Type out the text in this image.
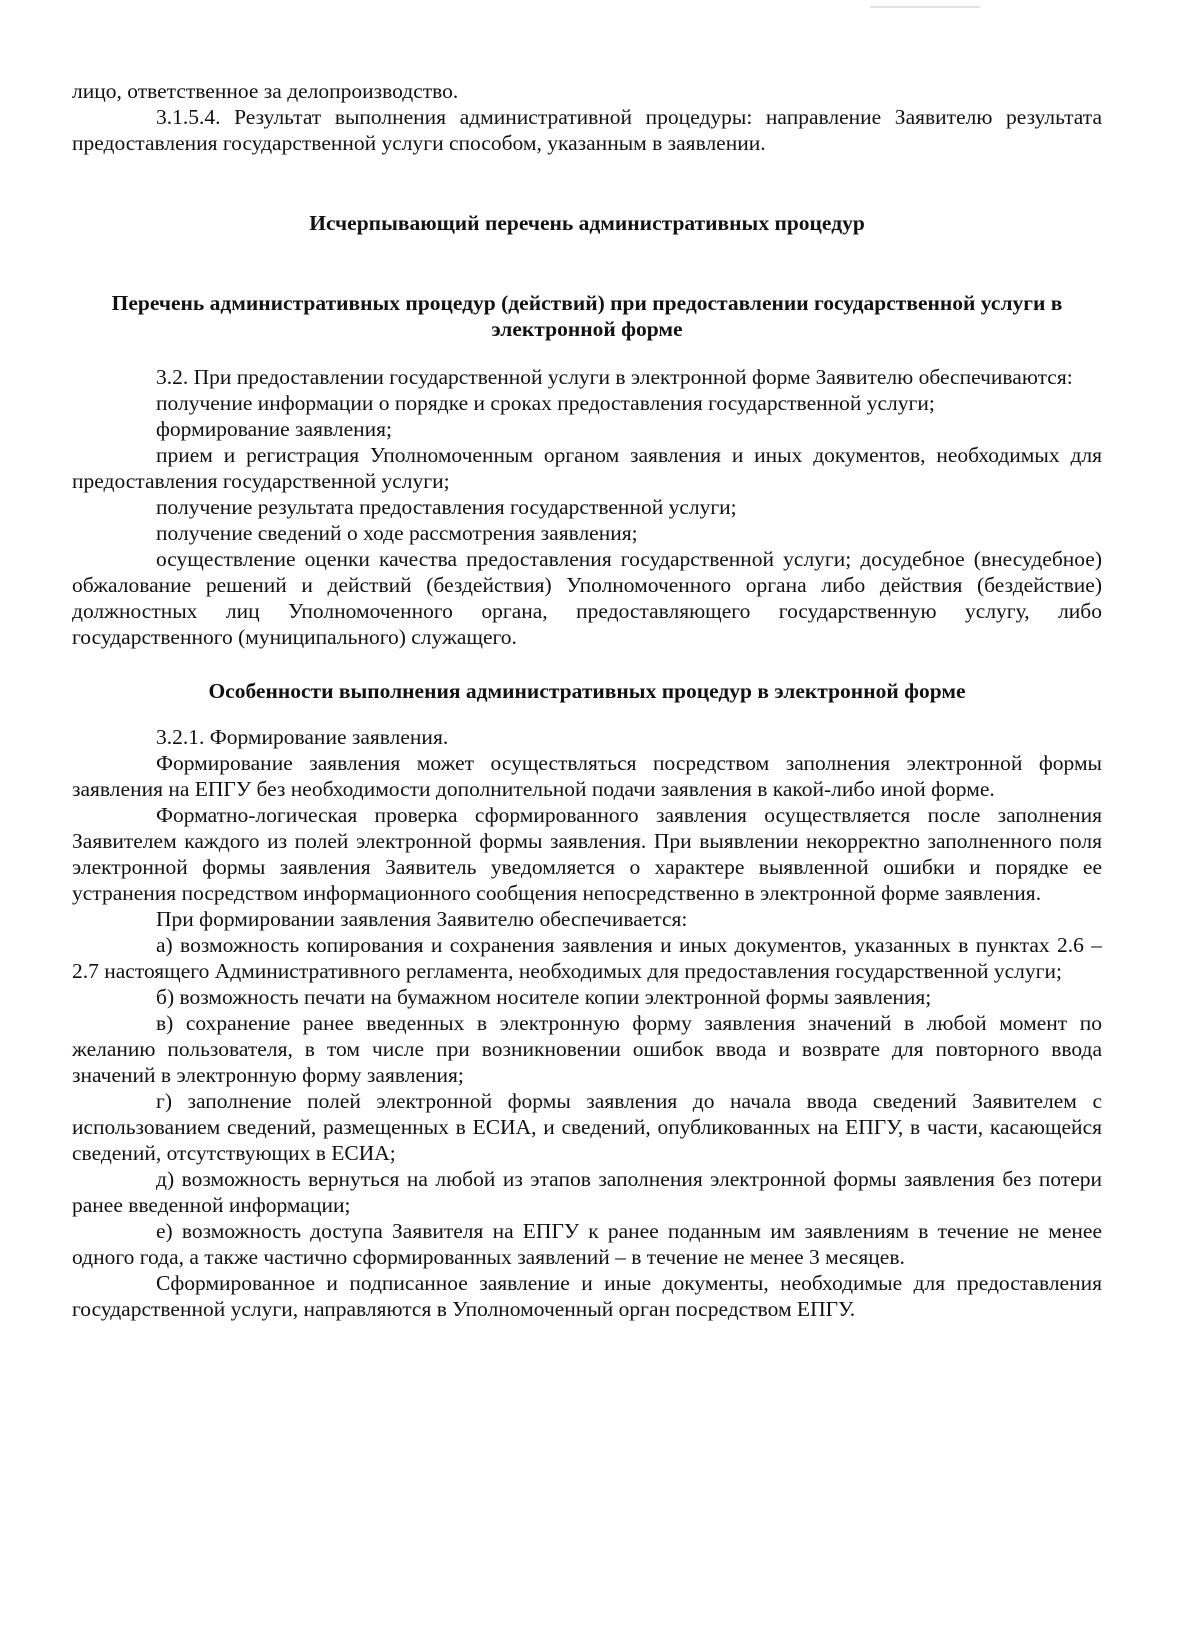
лицо, ответственное за делопроизводство.

3.1.5.4. Результат выполнения административной процедуры: направление Заявителю результата предоставления государственной услуги способом, указанным в заявлении.

Исчерпывающий перечень административных процедур

Перечень административных процедур (действий) при предоставлении государственной услуги в электронной форме

3.2. При предоставлении государственной услуги в электронной форме Заявителю обеспечиваются:

получение информации о порядке и сроках предоставления государственной услуги;

формирование заявления;

прием и регистрация Уполномоченным органом заявления и иных документов, необходимых для предоставления государственной услуги;

получение результата предоставления государственной услуги;

получение сведений о ходе рассмотрения заявления;

осуществление оценки качества предоставления государственной услуги; досудебное (внесудебное) обжалование решений и действий (бездействия) Уполномоченного органа либо действия (бездействие) должностных лиц Уполномоченного органа, предоставляющего государственную услугу, либо государственного (муниципального) служащего.

Особенности выполнения административных процедур в электронной форме

3.2.1. Формирование заявления.

Формирование заявления может осуществляться посредством заполнения электронной формы заявления на ЕПГУ без необходимости дополнительной подачи заявления в какой-либо иной форме.

Форматно-логическая проверка сформированного заявления осуществляется после заполнения Заявителем каждого из полей электронной формы заявления. При выявлении некорректно заполненного поля электронной формы заявления Заявитель уведомляется о характере выявленной ошибки и порядке ее устранения посредством информационного сообщения непосредственно в электронной форме заявления.

При формировании заявления Заявителю обеспечивается:

а) возможность копирования и сохранения заявления и иных документов, указанных в пунктах 2.6 – 2.7 настоящего Административного регламента, необходимых для предоставления государственной услуги;

б) возможность печати на бумажном носителе копии электронной формы заявления;

в) сохранение ранее введенных в электронную форму заявления значений в любой момент по желанию пользователя, в том числе при возникновении ошибок ввода и возврате для повторного ввода значений в электронную форму заявления;

г) заполнение полей электронной формы заявления до начала ввода сведений Заявителем с использованием сведений, размещенных в ЕСИА, и сведений, опубликованных на ЕПГУ, в части, касающейся сведений, отсутствующих в ЕСИА;

д) возможность вернуться на любой из этапов заполнения электронной формы заявления без потери ранее введенной информации;

е) возможность доступа Заявителя на ЕПГУ к ранее поданным им заявлениям в течение не менее одного года, а также частично сформированных заявлений – в течение не менее 3 месяцев.

Сформированное и подписанное заявление и иные документы, необходимые для предоставления государственной услуги, направляются в Уполномоченный орган посредством ЕПГУ.
